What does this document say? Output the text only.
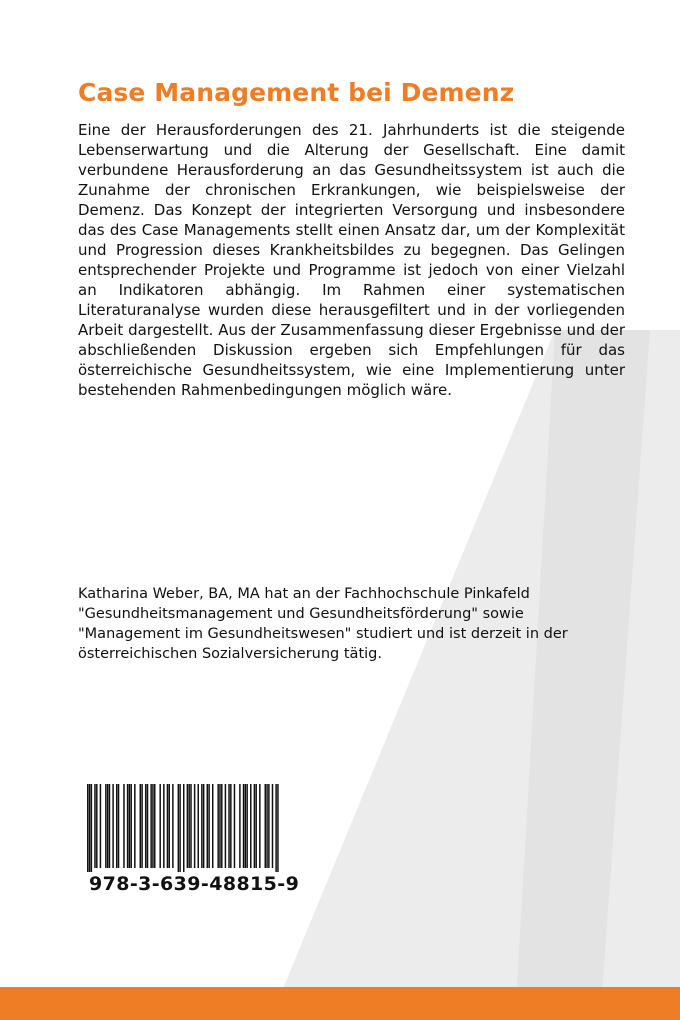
Case Management bei Demenz

Eine der Herausforderungen des 21. Jahrhunderts ist die steigende Lebenserwartung und die Alterung der Gesellschaft. Eine damit verbundene Herausforderung an das Gesundheitssystem ist auch die Zunahme der chronischen Erkrankungen, wie beispielsweise der Demenz. Das Konzept der integrierten Versorgung und insbesondere das des Case Managements stellt einen Ansatz dar, um der Komplexität und Progression dieses Krankheitsbildes zu begegnen. Das Gelingen entsprechender Projekte und Programme ist jedoch von einer Vielzahl an Indikatoren abhängig. Im Rahmen einer systematischen Literaturanalyse wurden diese herausgefiltert und in der vorliegenden Arbeit dargestellt. Aus der Zusammenfassung dieser Ergebnisse und der abschließenden Diskussion ergeben sich Empfehlungen für das österreichische Gesundheitssystem, wie eine Implementierung unter bestehenden Rahmenbedingungen möglich wäre.

Katharina Weber, BA, MA hat an der Fachhochschule Pinkafeld "Gesundheitsmanagement und Gesundheitsförderung" sowie "Management im Gesundheitswesen" studiert und ist derzeit in der österreichischen Sozialversicherung tätig.

978-3-639-48815-9
